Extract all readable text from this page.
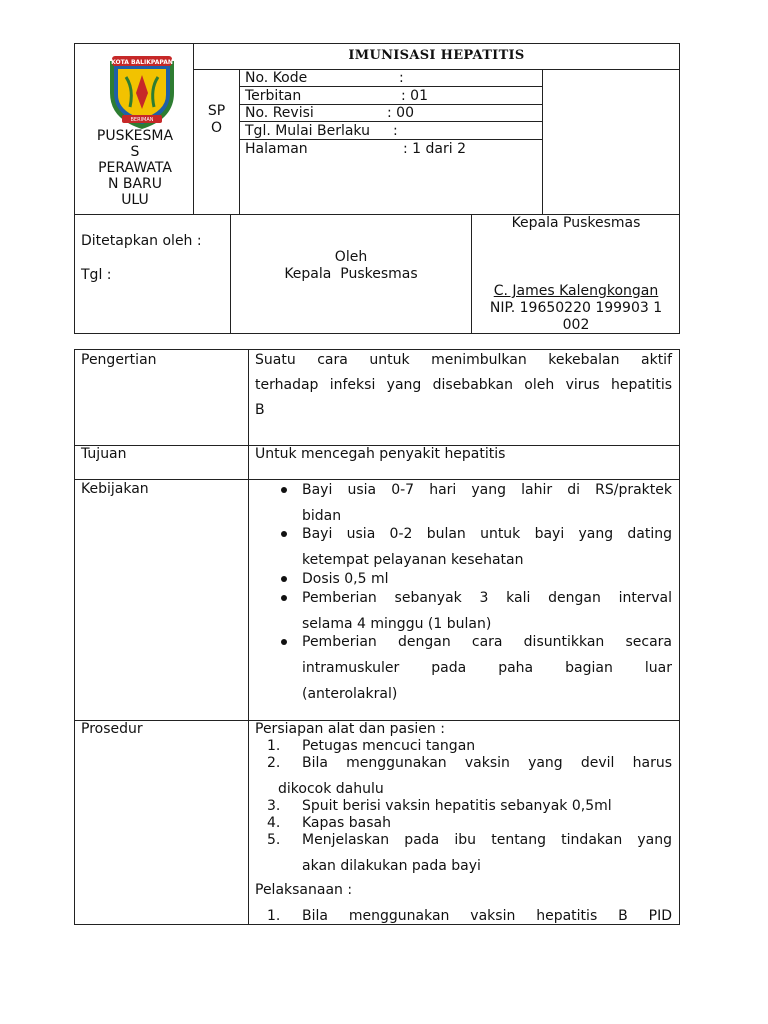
KOTA BALIKPAPAN
BERIMAN
PUSKESMA
S
PERAWATA
N BARU
ULU
IMUNISASI HEPATITIS
SP
O
No. Kode	:
Terbitan	: 01
No. Revisi	: 00
Tgl. Mulai Berlaku :
Halaman	: 1 dari 2
Ditetapkan oleh :
Tgl :
Oleh
Kepala  Puskesmas
Kepala Puskesmas
C. James Kalengkongan
NIP. 19650220 199903 1
002
Pengertian	Suatu cara untuk menimbulkan kekebalan aktif
terhadap infeksi yang disebabkan oleh virus hepatitis
B
Tujuan	Untuk mencegah penyakit hepatitis
Kebijakan	Bayi usia 0-7 hari yang lahir di RS/praktek
bidan
Bayi usia 0-2 bulan untuk bayi yang dating
ketempat pelayanan kesehatan
Dosis 0,5 ml
Pemberian sebanyak 3 kali dengan interval
selama 4 minggu (1 bulan)
Pemberian dengan cara disuntikkan secara
intramuskuler pada paha bagian luar
(anterolakral)
Prosedur	Persiapan alat dan pasien :
1. Petugas mencuci tangan
2. Bila menggunakan vaksin yang devil harus
dikocok dahulu
3. Spuit berisi vaksin hepatitis sebanyak 0,5ml
4. Kapas basah
5. Menjelaskan pada ibu tentang tindakan yang
akan dilakukan pada bayi
Pelaksanaan :
1. Bila menggunakan vaksin hepatitis B PID
